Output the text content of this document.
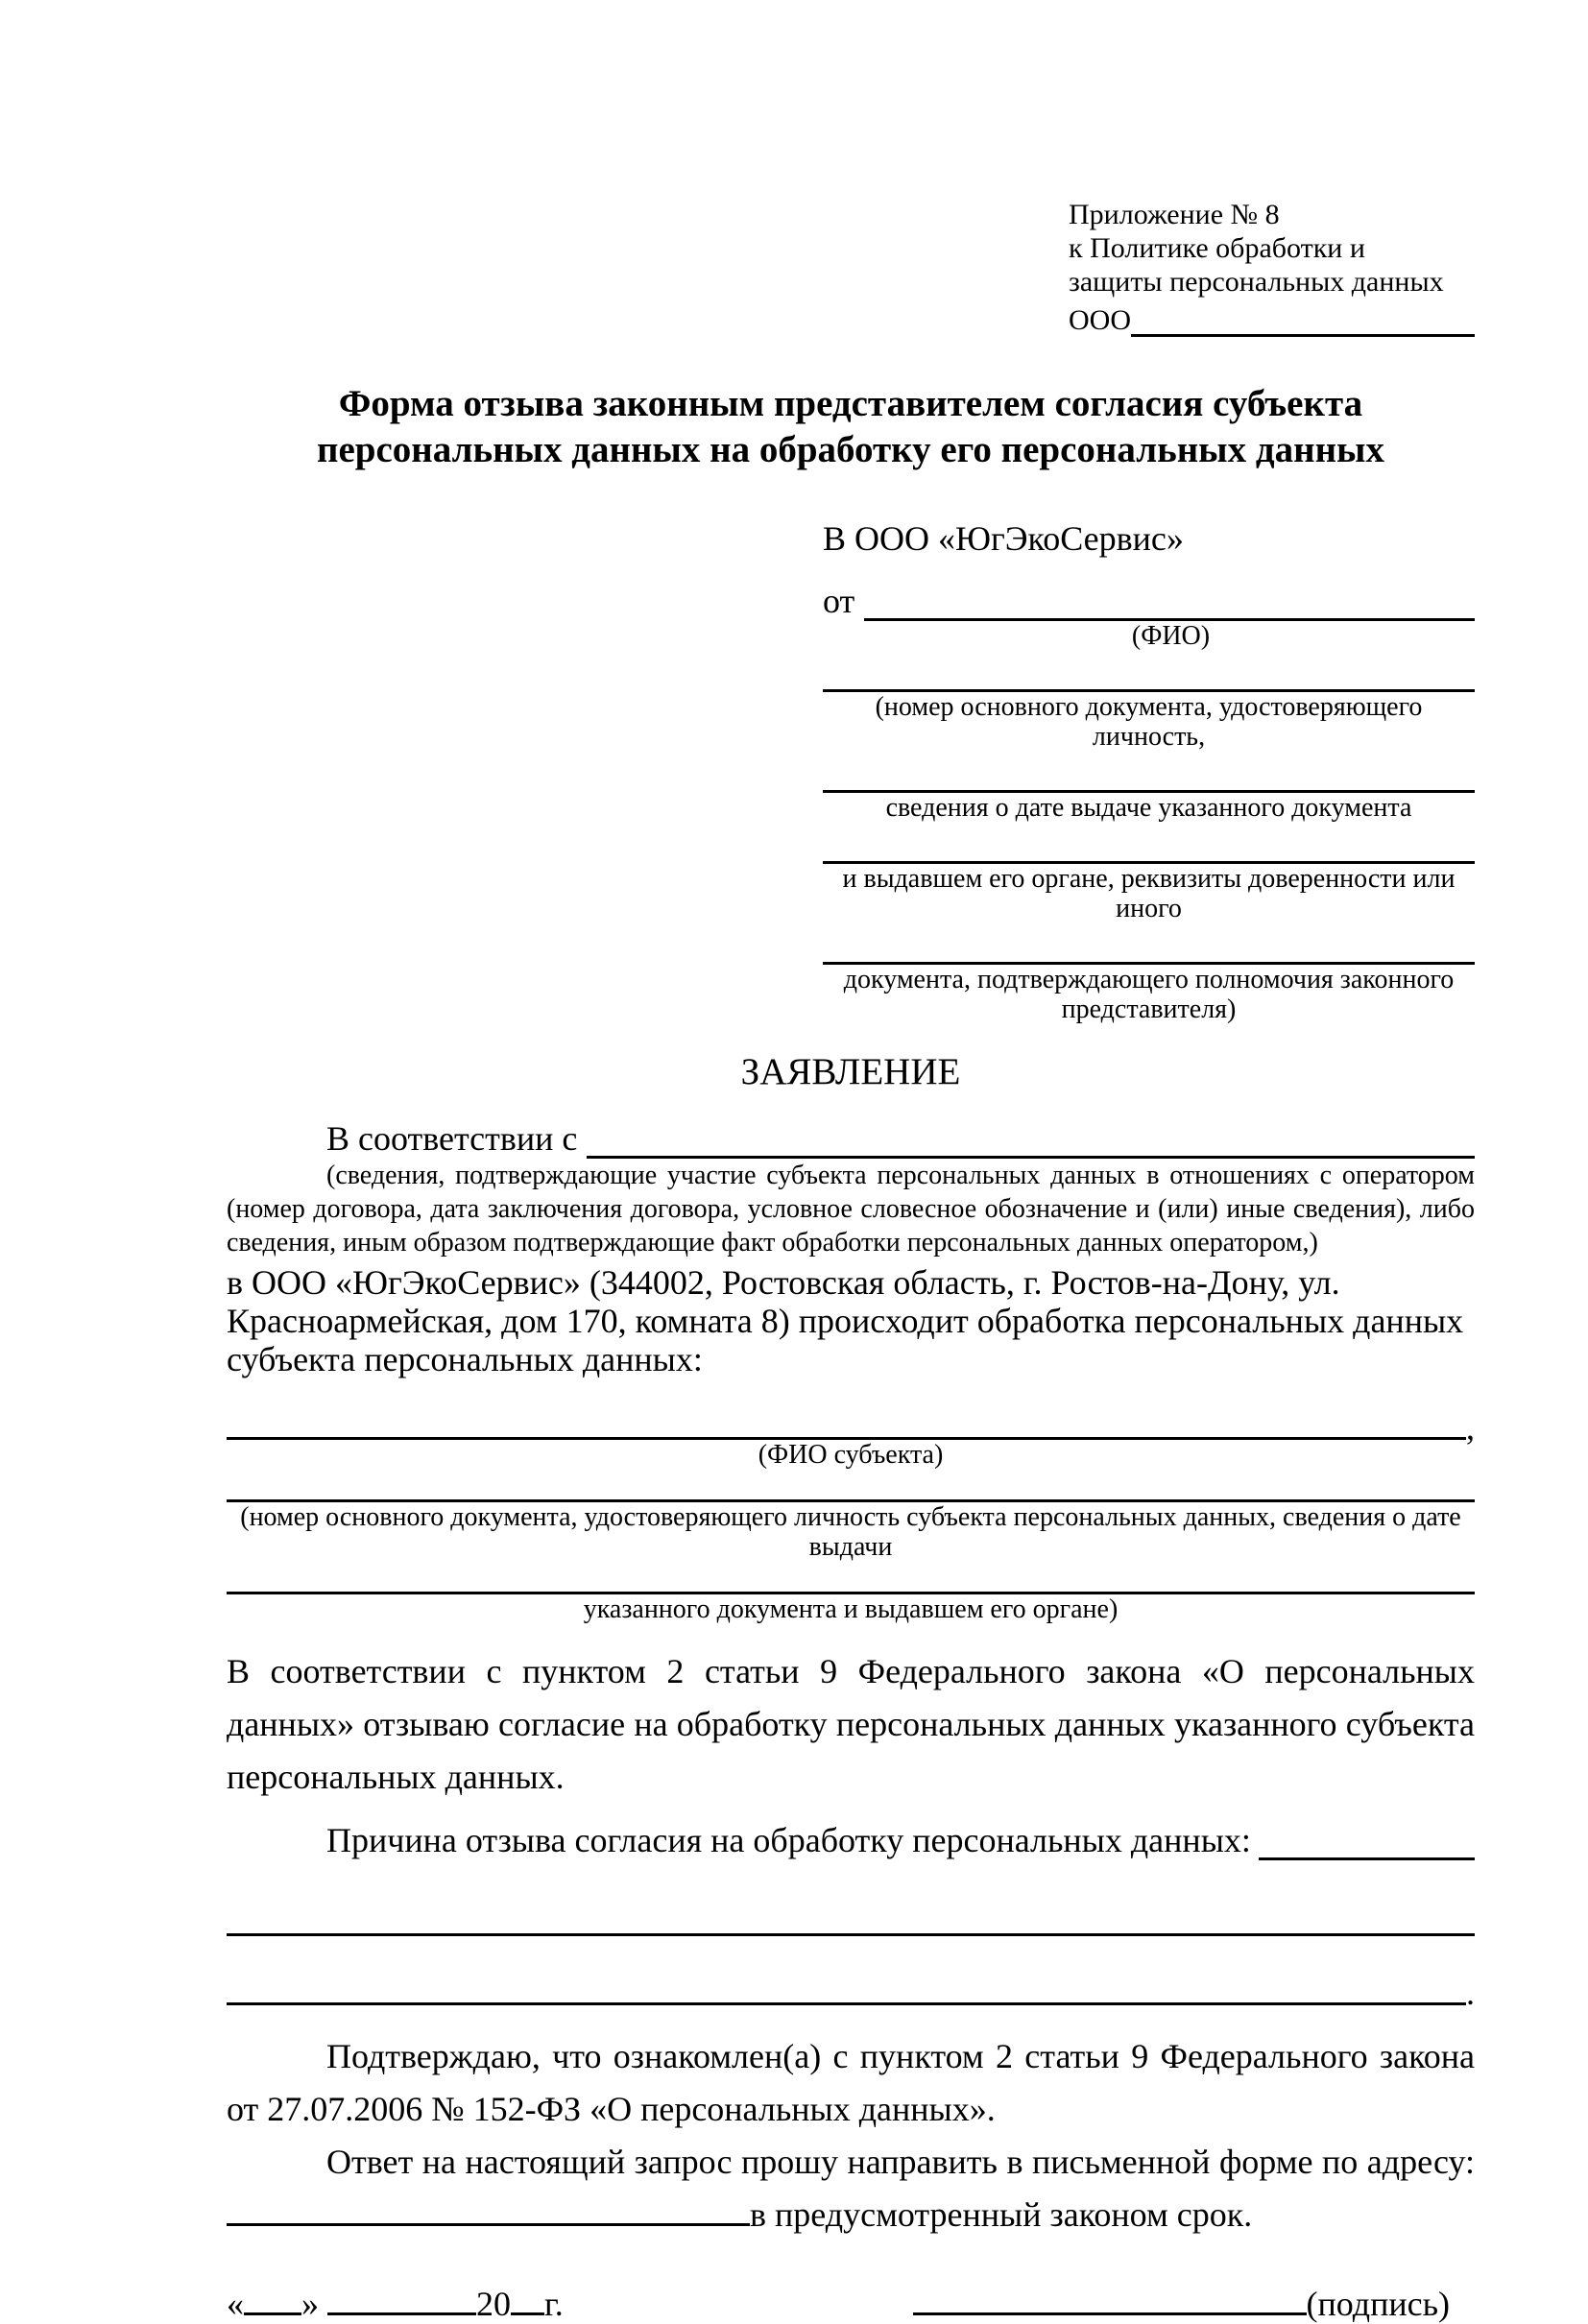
Приложение № 8
к Политике обработки и
защиты персональных данных
ООО
Форма отзыва законным представителем согласия субъекта персональных данных на обработку его персональных данных
В ООО «ЮгЭкоСервис»
от
(ФИО)
(номер основного документа, удостоверяющего личность,
сведения о дате выдаче указанного документа
и выдавшем его органе, реквизиты доверенности или иного
документа, подтверждающего полномочия законного представителя)
ЗАЯВЛЕНИЕ
В соответствии с
(сведения, подтверждающие участие субъекта персональных данных в отношениях с оператором (номер договора, дата заключения договора, условное словесное обозначение и (или) иные сведения), либо сведения, иным образом подтверждающие факт обработки персональных данных оператором,)
в ООО «ЮгЭкоСервис» (344002, Ростовская область, г. Ростов-на-Дону, ул. Красноармейская, дом 170, комната 8) происходит обработка персональных данных субъекта персональных данных:
,
(ФИО субъекта)
(номер основного документа, удостоверяющего личность субъекта персональных данных, сведения о дате выдачи
указанного документа и выдавшем его органе)
В соответствии с пунктом 2 статьи 9 Федерального закона «О персональных данных» отзываю согласие на обработку персональных данных указанного субъекта персональных данных.
Причина отзыва согласия на обработку персональных данных:
.
Подтверждаю, что ознакомлен(а) с пунктом 2 статьи 9 Федерального закона от 27.07.2006 № 152-ФЗ «О персональных данных».
Ответ на настоящий запрос прошу направить в письменной форме по адресу: в предусмотренный законом срок.
« »	20 г.	(подпись)
